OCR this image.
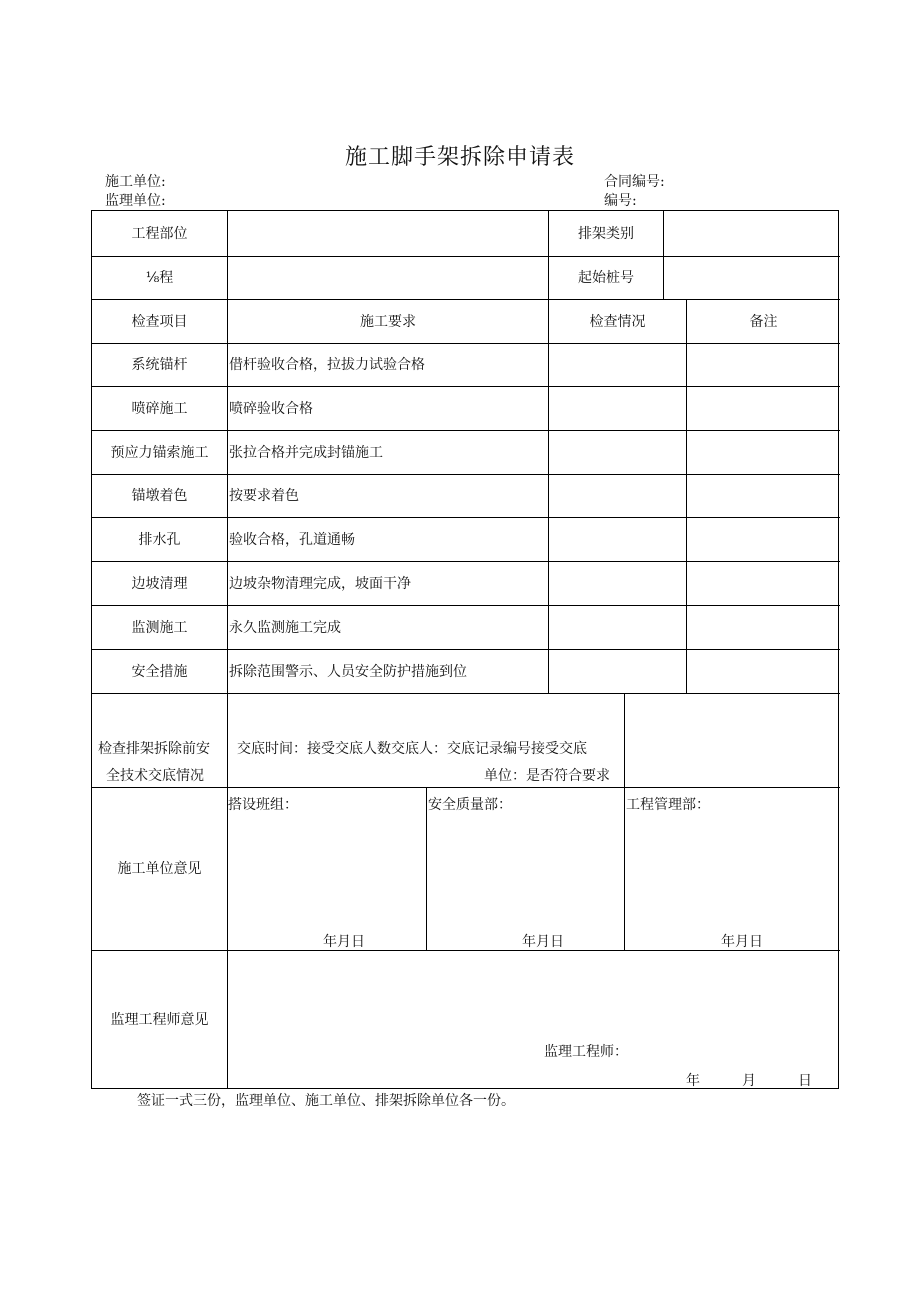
施工脚手架拆除申请表
施工单位:	合同编号:
监理单位:	编号:
工程部位	排架类别
⅛程	起始桩号
检查项目	施工要求	检查情况	备注
系统锚杆	借杆验收合格，拉拔力试验合格
喷碎施工	喷碎验收合格
预应力锚索施工	张拉合格并完成封锚施工
锚墩着色	按要求着色
排水孔	验收合格，孔道通畅
边坡清理	边坡杂物清理完成，坡面干净
监测施工	永久监测施工完成
安全措施	拆除范围警示、人员安全防护措施到位
检查排架拆除前安
全技术交底情况
交底时间：接受交底人数交底人：交底记录编号接受交底
单位：是否符合要求
施工单位意见
搭设班组：	安全质量部：	工程管理部：
年月日	年月日	年月日
监理工程师意见
监理工程师：
年	月	日
签证一式三份，监理单位、施工单位、排架拆除单位各一份。
